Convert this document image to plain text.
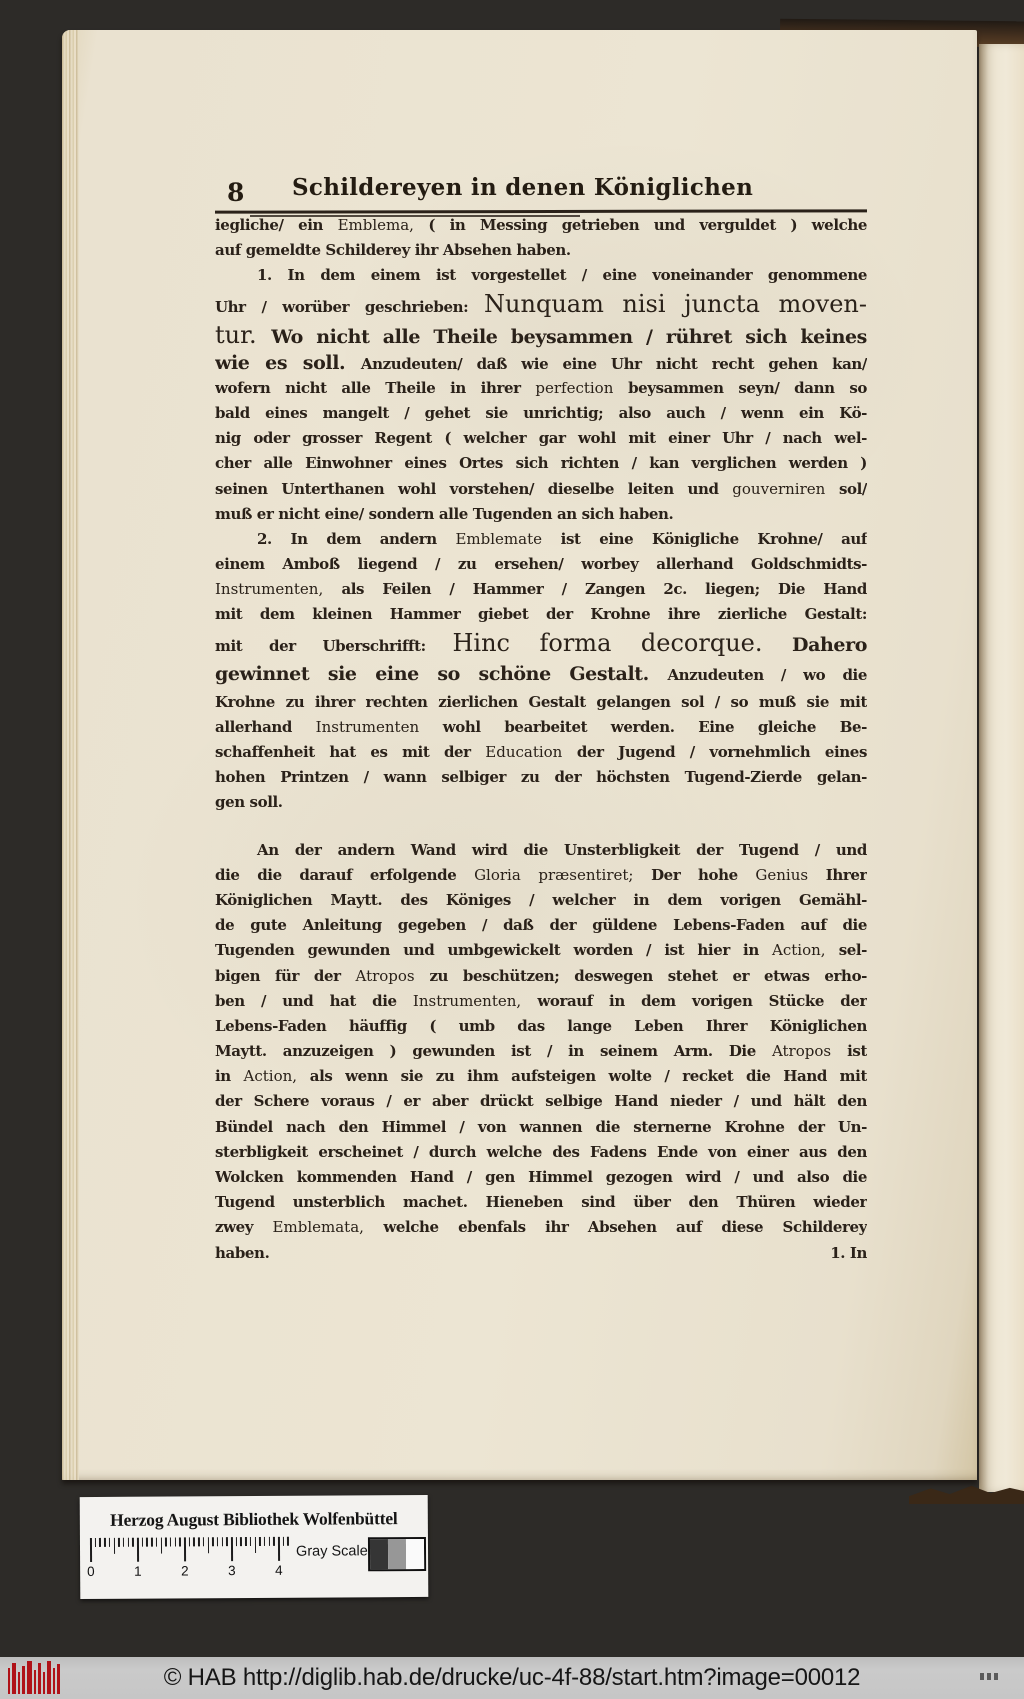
8 Schildereyen in denen Königlichen
iegliche/ ein Emblema, ( in Messing getrieben und verguldet ) welche
auf gemeldte Schilderey ihr Absehen haben.
1. In dem einem ist vorgestellet / eine voneinander genommene
Uhr / worüber geschrieben: Nunquam nisi juncta moven-
tur. Wo nicht alle Theile beysammen / rühret sich keines
wie es soll. Anzudeuten/ daß wie eine Uhr nicht recht gehen kan/
wofern nicht alle Theile in ihrer perfection beysammen seyn/ dann so
bald eines mangelt / gehet sie unrichtig; also auch / wenn ein Kö-
nig oder grosser Regent ( welcher gar wohl mit einer Uhr / nach wel-
cher alle Einwohner eines Ortes sich richten / kan verglichen werden )
seinen Unterthanen wohl vorstehen/ dieselbe leiten und gouverniren sol/
muß er nicht eine/ sondern alle Tugenden an sich haben.
2. In dem andern Emblemate ist eine Königliche Krohne/ auf
einem Amboß liegend / zu ersehen/ worbey allerhand Goldschmidts-
Instrumenten, als Feilen / Hammer / Zangen 2c. liegen; Die Hand
mit dem kleinen Hammer giebet der Krohne ihre zierliche Gestalt:
mit der Uberschrifft: Hinc forma decorque. Dahero
gewinnet sie eine so schöne Gestalt. Anzudeuten / wo die
Krohne zu ihrer rechten zierlichen Gestalt gelangen sol / so muß sie mit
allerhand Instrumenten wohl bearbeitet werden. Eine gleiche Be-
schaffenheit hat es mit der Education der Jugend / vornehmlich eines
hohen Printzen / wann selbiger zu der höchsten Tugend-Zierde gelan-
gen soll.
An der andern Wand wird die Unsterbligkeit der Tugend / und
die die darauf erfolgende Gloria præsentiret; Der hohe Genius Ihrer
Königlichen Maytt. des Königes / welcher in dem vorigen Gemähl-
de gute Anleitung gegeben / daß der güldene Lebens-Faden auf die
Tugenden gewunden und umbgewickelt worden / ist hier in Action, sel-
bigen für der Atropos zu beschützen; deswegen stehet er etwas erho-
ben / und hat die Instrumenten, worauf in dem vorigen Stücke der
Lebens-Faden häuffig ( umb das lange Leben Ihrer Königlichen
Maytt. anzuzeigen ) gewunden ist / in seinem Arm. Die Atropos ist
in Action, als wenn sie zu ihm aufsteigen wolte / recket die Hand mit
der Schere voraus / er aber drückt selbige Hand nieder / und hält den
Bündel nach den Himmel / von wannen die sternerne Krohne der Un-
sterbligkeit erscheinet / durch welche des Fadens Ende von einer aus den
Wolcken kommenden Hand / gen Himmel gezogen wird / und also die
Tugend unsterblich machet. Hieneben sind über den Thüren wieder
zwey Emblemata, welche ebenfals ihr Absehen auf diese Schilderey
haben.	1. In
Herzog August Bibliothek Wolfenbüttel
0	1	2	3	4
Gray Scale
© HAB http://diglib.hab.de/drucke/uc-4f-88/start.htm?image=00012
